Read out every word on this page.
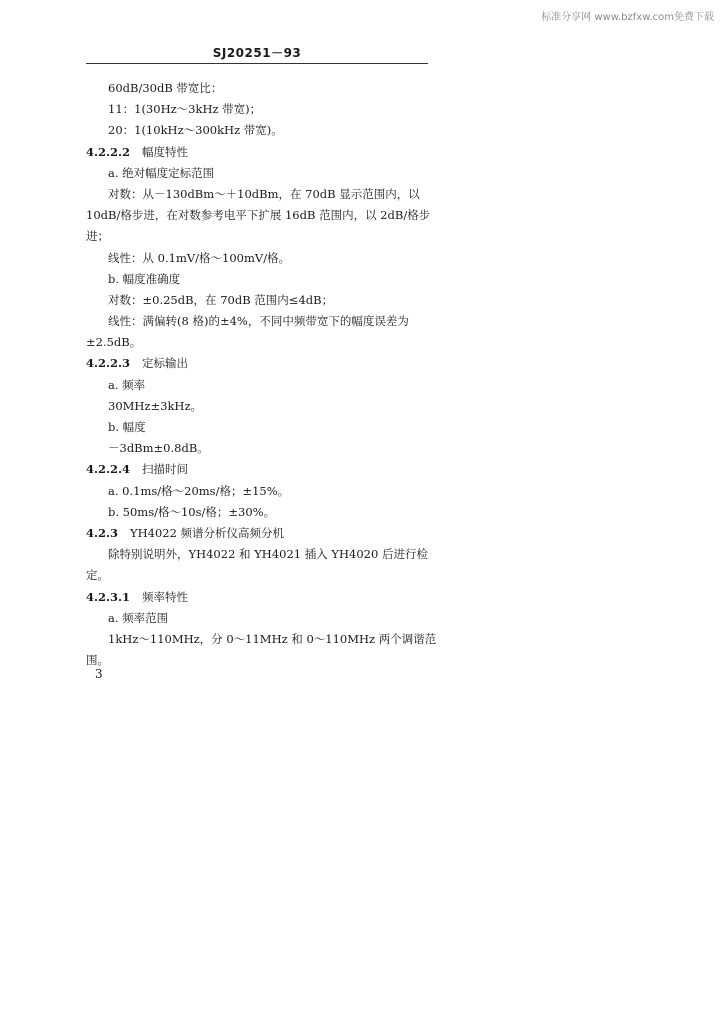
标准分享网 www.bzfxw.com免费下载
SJ20251－93
60dB/30dB 带宽比：
11：1(30Hz～3kHz 带宽)；
20：1(10kHz～300kHz 带宽)。
4.2.2.2 幅度特性
a. 绝对幅度定标范围
对数：从－130dBm～＋10dBm，在 70dB 显示范围内，以
10dB/格步进，在对数参考电平下扩展 16dB 范围内，以 2dB/格步
进；
线性：从 0.1mV/格～100mV/格。
b. 幅度准确度
对数：±0.25dB，在 70dB 范围内≤4dB；
线性：满偏转(8 格)的±4%，不同中频带宽下的幅度误差为
±2.5dB。
4.2.2.3 定标输出
a. 频率
30MHz±3kHz。
b. 幅度
－3dBm±0.8dB。
4.2.2.4 扫描时间
a. 0.1ms/格～20ms/格；±15%。
b. 50ms/格～10s/格；±30%。
4.2.3 YH4022 频谱分析仪高频分机
除特别说明外，YH4022 和 YH4021 插入 YH4020 后进行检
定。
4.2.3.1 频率特性
a. 频率范围
1kHz～110MHz，分 0～11MHz 和 0～110MHz 两个调谐范
围。
3
